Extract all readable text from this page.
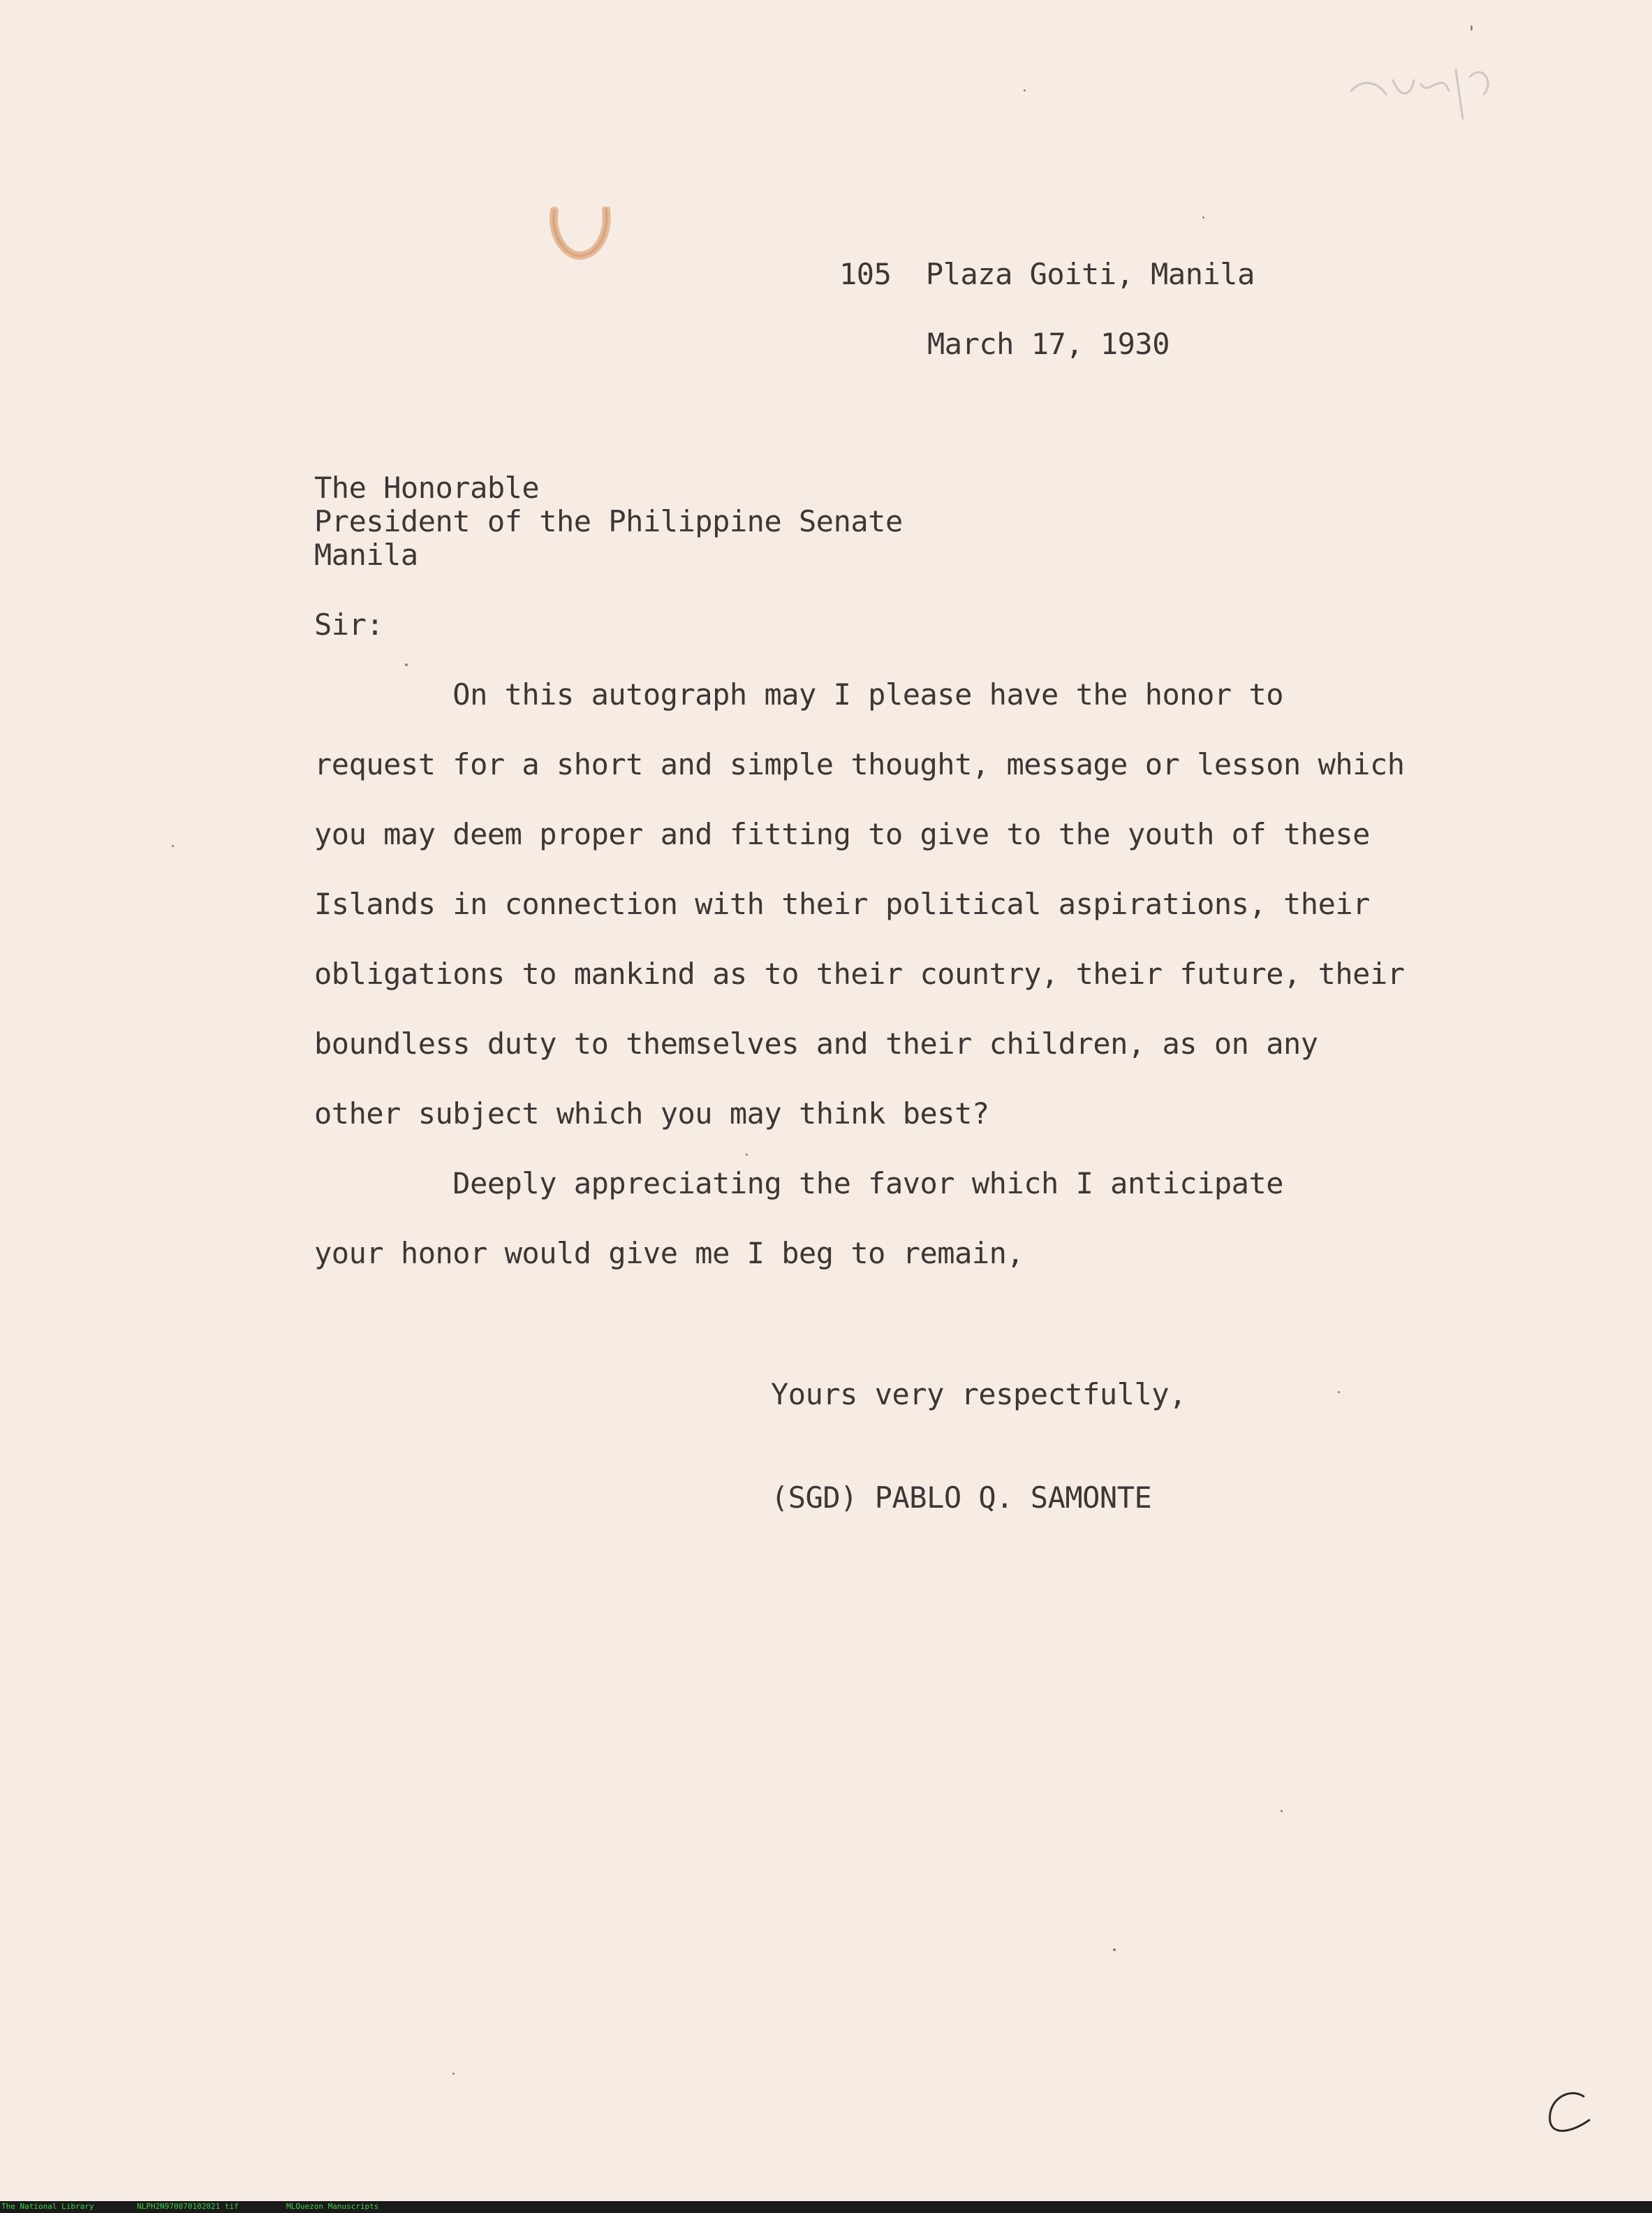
105  Plaza Goiti, Manila

March 17, 1930

The Honorable

President of the Philippine Senate

Manila

Sir:

On this autograph may I please have the honor to

request for a short and simple thought, message or lesson which

you may deem proper and fitting to give to the youth of these

Islands in connection with their political aspirations, their

obligations to mankind as to their country, their future, their

boundless duty to themselves and their children, as on any

other subject which you may think best?

Deeply appreciating the favor which I anticipate

your honor would give me I beg to remain,

Yours very respectfully,

(SGD) PABLO Q. SAMONTE

The National Library	NLPH2N970070102021 tif	MLQuezon Manuscripts
